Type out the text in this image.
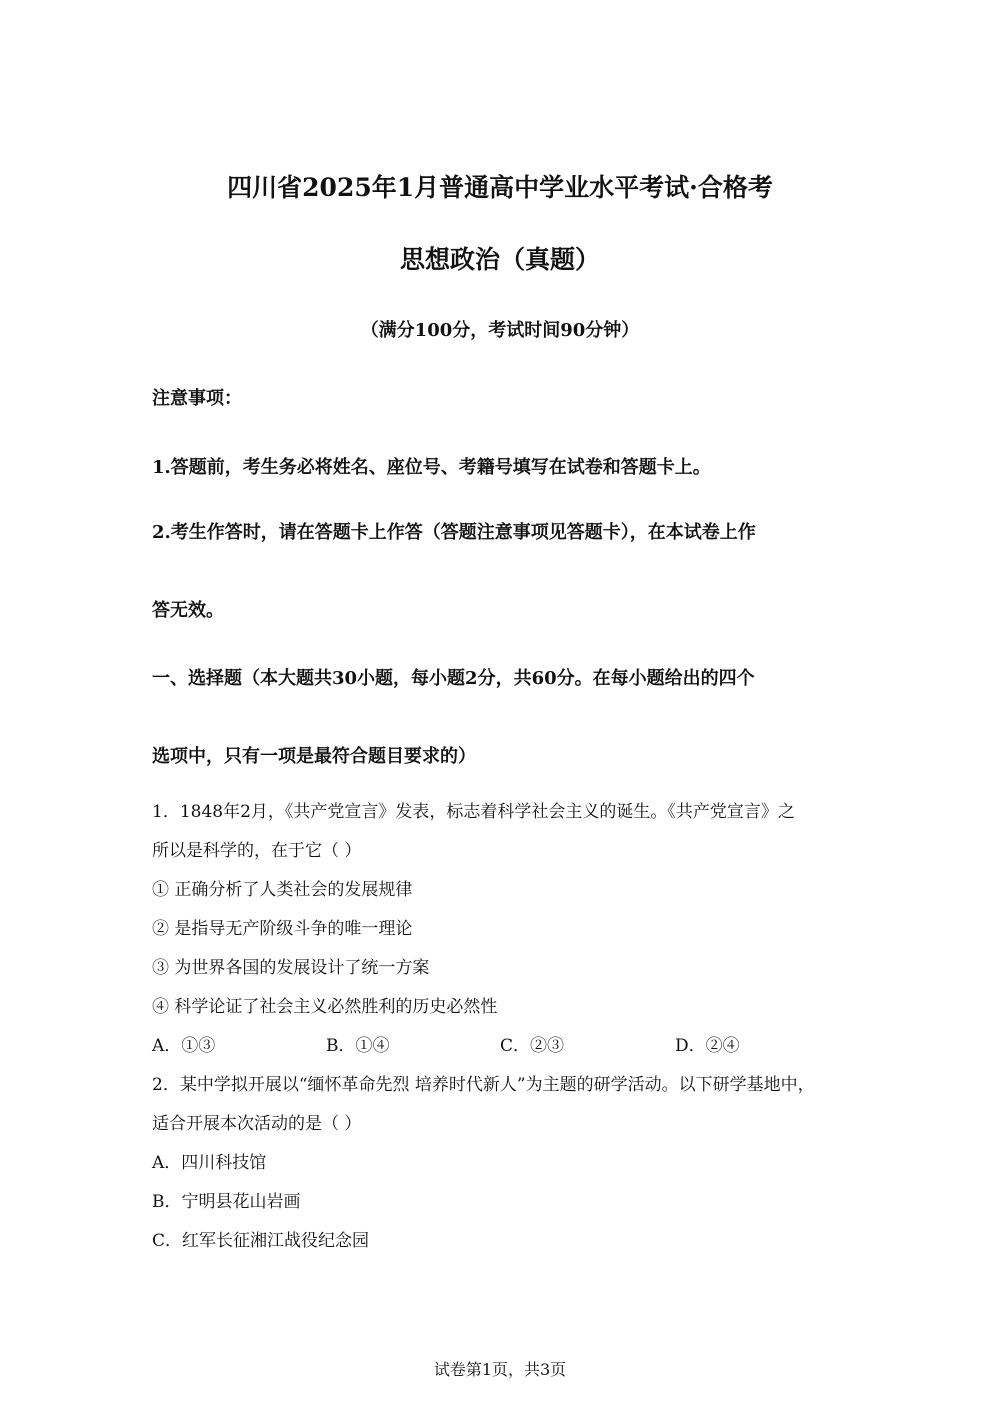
四川省2025年1月普通高中学业水平考试·合格考
思想政治（真题）
（满分100分，考试时间90分钟）
注意事项：
1.答题前，考生务必将姓名、座位号、考籍号填写在试卷和答题卡上。
2.考生作答时，请在答题卡上作答（答题注意事项见答题卡），在本试卷上作
答无效。
一、选择题（本大题共30小题，每小题2分，共60分。在每小题给出的四个
选项中，只有一项是最符合题目要求的）
1．1848年2月，《共产党宣言》发表，标志着科学社会主义的诞生。《共产党宣言》之
所以是科学的，在于它（ ）
① 正确分析了人类社会的发展规律
② 是指导无产阶级斗争的唯一理论
③ 为世界各国的发展设计了统一方案
④ 科学论证了社会主义必然胜利的历史必然性
A．①③	B．①④	C．②③	D．②④
2．某中学拟开展以“缅怀革命先烈 培养时代新人”为主题的研学活动。以下研学基地中，
适合开展本次活动的是（ ）
A．四川科技馆
B．宁明县花山岩画
C．红军长征湘江战役纪念园
试卷第1页，共3页
